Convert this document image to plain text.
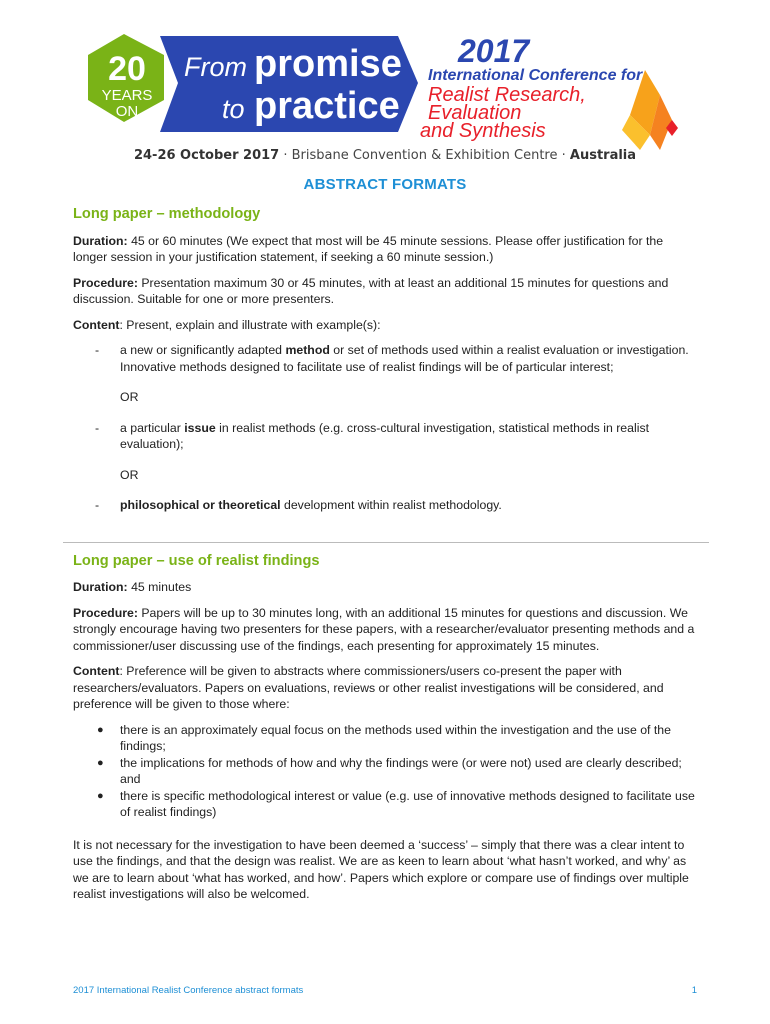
20
YEARS
ON
From promise
to practice
2017
International Conference for
Realist Research,
Evaluation
and Synthesis
24-26 October 2017 · Brisbane Convention & Exhibition Centre · Australia
ABSTRACT FORMATS
Long paper – methodology

Duration: 45 or 60 minutes (We expect that most will be 45 minute sessions. Please offer justification for the longer session in your justification statement, if seeking a 60 minute session.)

Procedure: Presentation maximum 30 or 45 minutes, with at least an additional 15 minutes for questions and discussion. Suitable for one or more presenters.

Content: Present, explain and illustrate with example(s):

- a new or significantly adapted method or set of methods used within a realist evaluation or investigation. Innovative methods designed to facilitate use of realist findings will be of particular interest;
OR
- a particular issue in realist methods (e.g. cross-cultural investigation, statistical methods in realist evaluation);
OR
- philosophical or theoretical development within realist methodology.
Long paper – use of realist findings

Duration: 45 minutes

Procedure: Papers will be up to 30 minutes long, with an additional 15 minutes for questions and discussion. We strongly encourage having two presenters for these papers, with a researcher/evaluator presenting methods and a commissioner/user discussing use of the findings, each presenting for approximately 15 minutes.

Content: Preference will be given to abstracts where commissioners/users co-present the paper with researchers/evaluators. Papers on evaluations, reviews or other realist investigations will be considered, and preference will be given to those where:

● there is an approximately equal focus on the methods used within the investigation and the use of the findings;
● the implications for methods of how and why the findings were (or were not) used are clearly described; and
● there is specific methodological interest or value (e.g. use of innovative methods designed to facilitate use of realist findings)

It is not necessary for the investigation to have been deemed a ‘success’ – simply that there was a clear intent to use the findings, and that the design was realist. We are as keen to learn about ‘what hasn’t worked, and why’ as we are to learn about ‘what has worked, and how’. Papers which explore or compare use of findings over multiple realist investigations will also be welcomed.

2017 International Realist Conference abstract formats	1
